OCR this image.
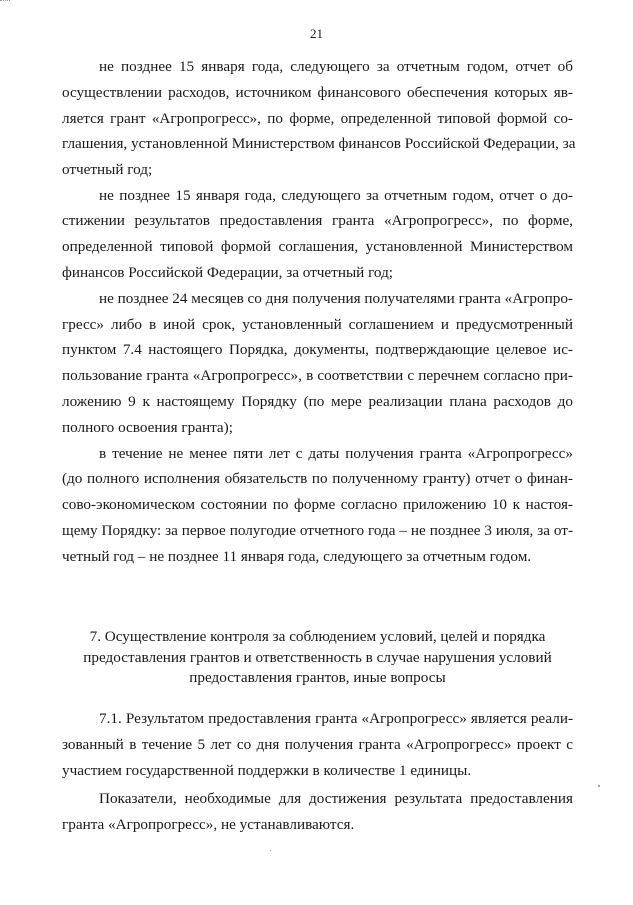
21
не позднее 15 января года, следующего за отчетным годом, отчет об
осуществлении расходов, источником финансового обеспечения которых яв-
ляется грант «Агропрогресс», по форме, определенной типовой формой со-
глашения, установленной Министерством финансов Российской Федерации, за
отчетный год;
не позднее 15 января года, следующего за отчетным годом, отчет о до-
стижении результатов предоставления гранта «Агропрогресс», по форме,
определенной типовой формой соглашения, установленной Министерством
финансов Российской Федерации, за отчетный год;
не позднее 24 месяцев со дня получения получателями гранта «Агропро-
гресс» либо в иной срок, установленный соглашением и предусмотренный
пунктом 7.4 настоящего Порядка, документы, подтверждающие целевое ис-
пользование гранта «Агропрогресс», в соответствии с перечнем согласно при-
ложению 9 к настоящему Порядку (по мере реализации плана расходов до
полного освоения гранта);
в течение не менее пяти лет с даты получения гранта «Агропрогресс»
(до полного исполнения обязательств по полученному гранту) отчет о финан-
сово-экономическом состоянии по форме согласно приложению 10 к настоя-
щему Порядку: за первое полугодие отчетного года – не позднее 3 июля, за от-
четный год – не позднее 11 января года, следующего за отчетным годом.
7. Осуществление контроля за соблюдением условий, целей и порядка
предоставления грантов и ответственность в случае нарушения условий
предоставления грантов, иные вопросы
7.1. Результатом предоставления гранта «Агропрогресс» является реали-
зованный в течение 5 лет со дня получения гранта «Агропрогресс» проект с
участием государственной поддержки в количестве 1 единицы.
Показатели, необходимые для достижения результата предоставления
гранта «Агропрогресс», не устанавливаются.
